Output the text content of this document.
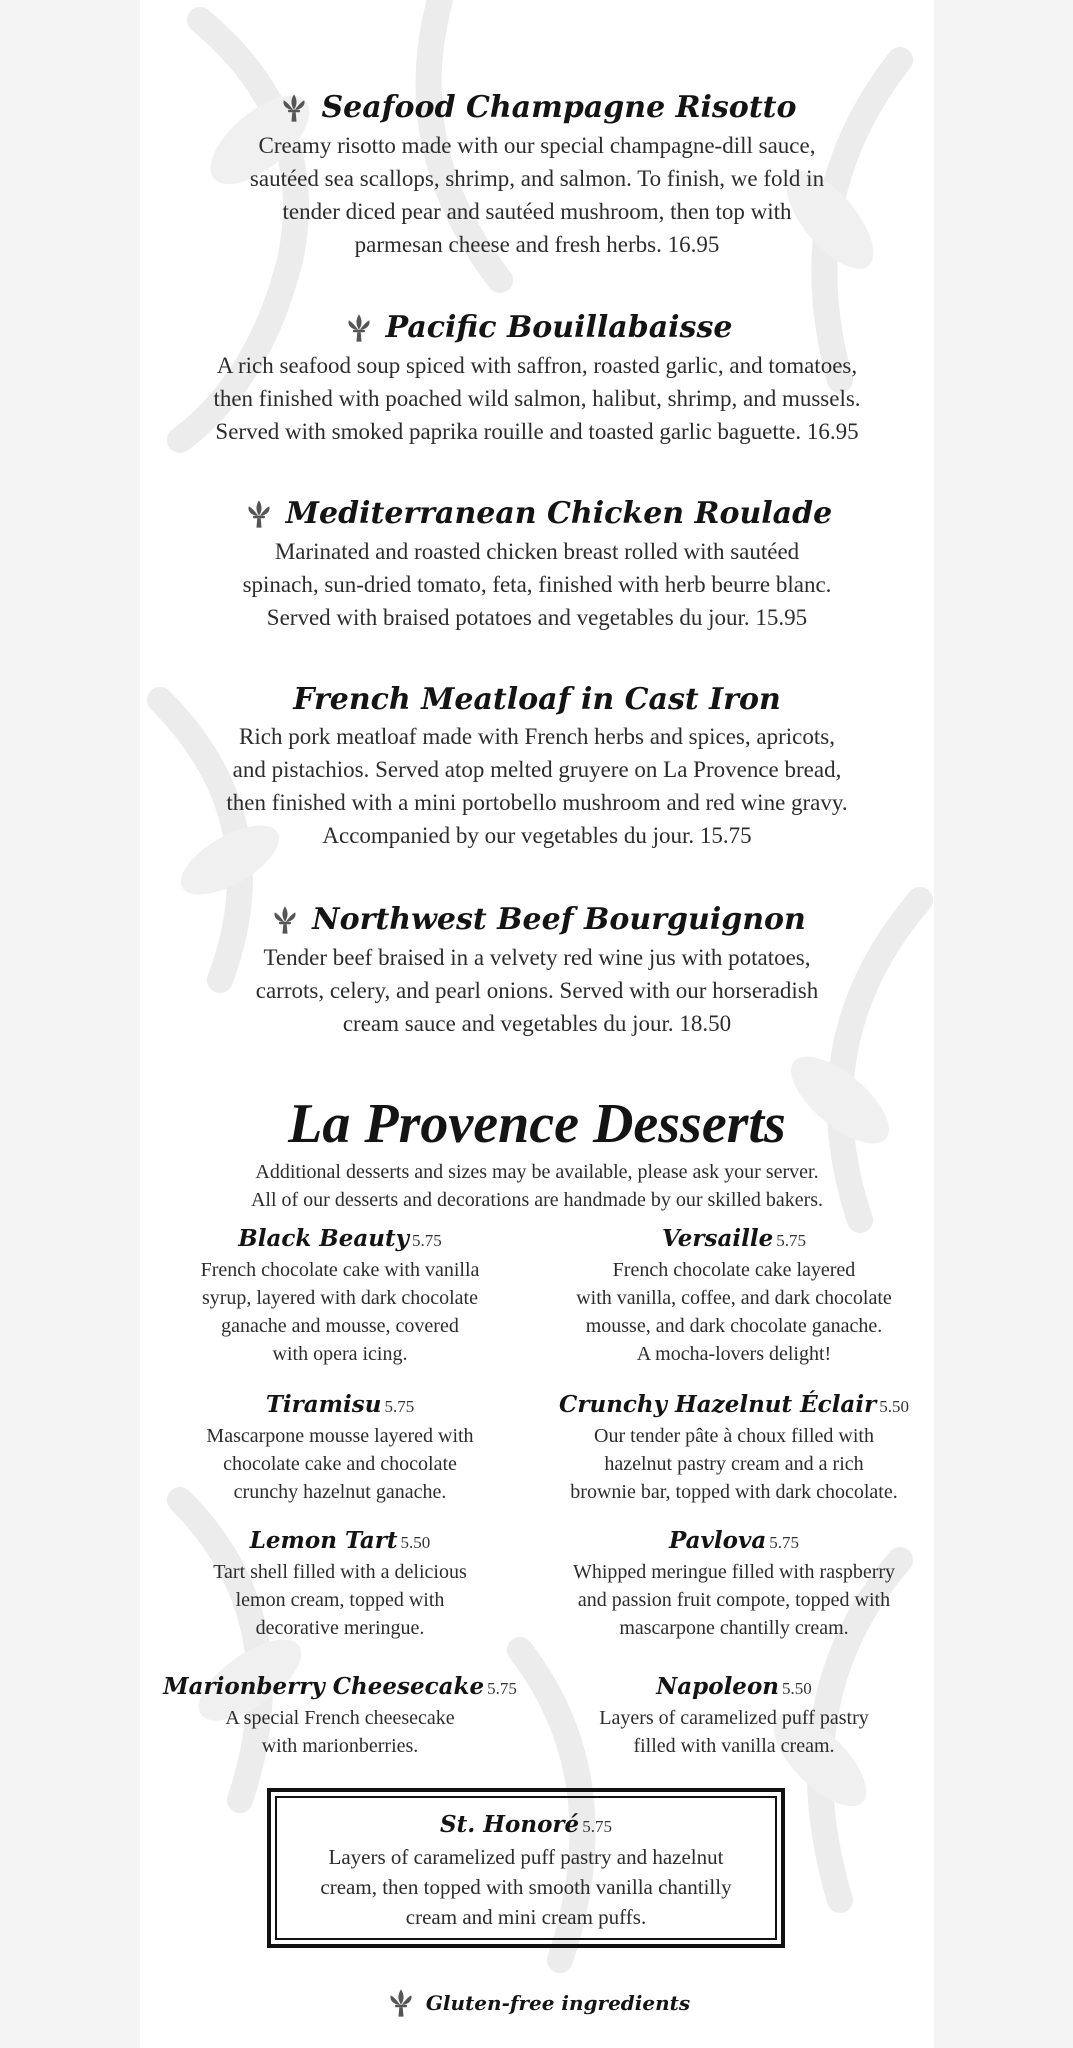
Seafood Champagne Risotto
Creamy risotto made with our special champagne-dill sauce,
sautéed sea scallops, shrimp, and salmon. To finish, we fold in
tender diced pear and sautéed mushroom, then top with
parmesan cheese and fresh herbs. 16.95
Pacific Bouillabaisse
A rich seafood soup spiced with saffron, roasted garlic, and tomatoes,
then finished with poached wild salmon, halibut, shrimp, and mussels.
Served with smoked paprika rouille and toasted garlic baguette. 16.95
Mediterranean Chicken Roulade
Marinated and roasted chicken breast rolled with sautéed
spinach, sun-dried tomato, feta, finished with herb beurre blanc.
Served with braised potatoes and vegetables du jour. 15.95
French Meatloaf in Cast Iron
Rich pork meatloaf made with French herbs and spices, apricots,
and pistachios. Served atop melted gruyere on La Provence bread,
then finished with a mini portobello mushroom and red wine gravy.
Accompanied by our vegetables du jour. 15.75
Northwest Beef Bourguignon
Tender beef braised in a velvety red wine jus with potatoes,
carrots, celery, and pearl onions. Served with our horseradish
cream sauce and vegetables du jour. 18.50
La Provence Desserts
Additional desserts and sizes may be available, please ask your server.
All of our desserts and decorations are handmade by our skilled bakers.
Black Beauty 5.75
French chocolate cake with vanilla
syrup, layered with dark chocolate
ganache and mousse, covered
with opera icing.
Versaille 5.75
French chocolate cake layered
with vanilla, coffee, and dark chocolate
mousse, and dark chocolate ganache.
A mocha-lovers delight!
Tiramisu 5.75
Mascarpone mousse layered with
chocolate cake and chocolate
crunchy hazelnut ganache.
Crunchy Hazelnut Éclair 5.50
Our tender pâte à choux filled with
hazelnut pastry cream and a rich
brownie bar, topped with dark chocolate.
Lemon Tart 5.50
Tart shell filled with a delicious
lemon cream, topped with
decorative meringue.
Pavlova 5.75
Whipped meringue filled with raspberry
and passion fruit compote, topped with
mascarpone chantilly cream.
Marionberry Cheesecake 5.75
A special French cheesecake
with marionberries.
Napoleon 5.50
Layers of caramelized puff pastry
filled with vanilla cream.
St. Honoré 5.75
Layers of caramelized puff pastry and hazelnut
cream, then topped with smooth vanilla chantilly
cream and mini cream puffs.
Gluten-free ingredients
